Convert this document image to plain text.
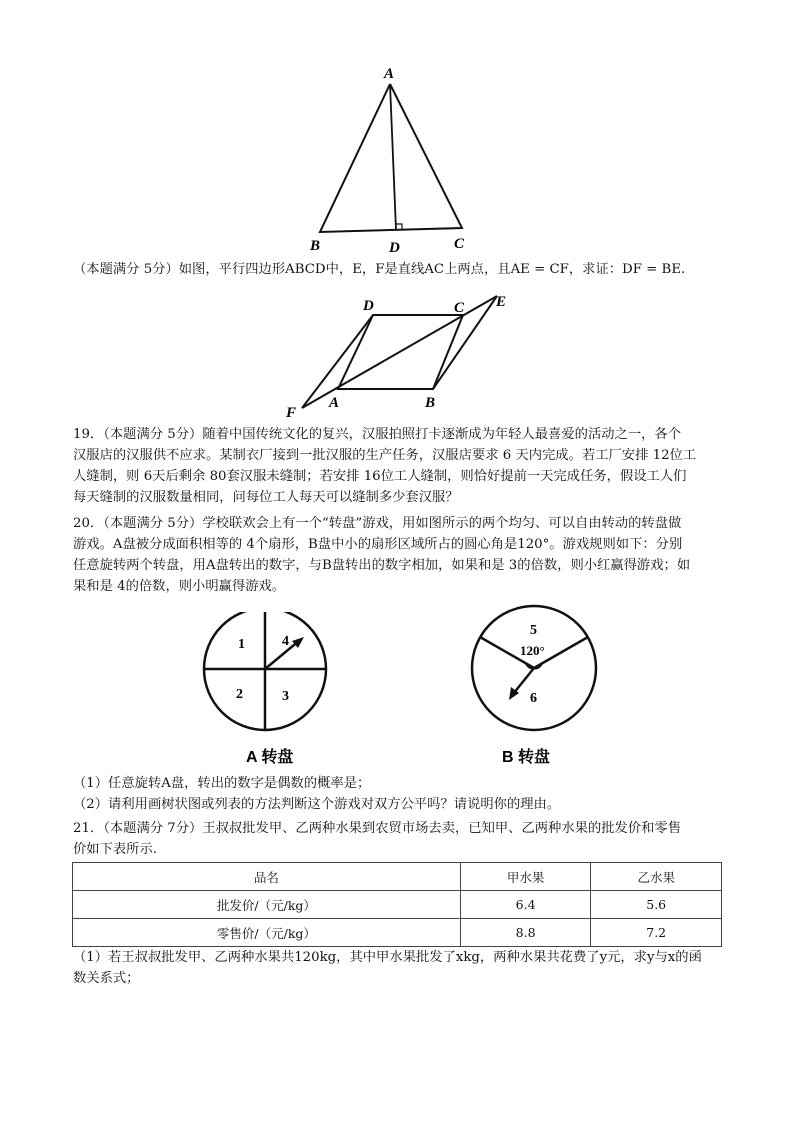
A
B	D	C

（本题满分 5分）如图，平行四边形ABCD中，E，F是直线AC上两点，且AE = CF，求证：DF = BE.

D	C E
A	B
F
19．（本题满分 5分）随着中国传统文化的复兴，汉服拍照打卡逐渐成为年轻人最喜爱的活动之一，各个
汉服店的汉服供不应求。某制衣厂接到一批汉服的生产任务，汉服店要求 6 天内完成。若工厂安排 12位工
人缝制，则 6天后剩余 80套汉服未缝制；若安排 16位工人缝制，则恰好提前一天完成任务，假设工人们
每天缝制的汉服数量相同，问每位工人每天可以缝制多少套汉服？
20．（本题满分 5分）学校联欢会上有一个“转盘”游戏，用如图所示的两个均匀、可以自由转动的转盘做
游戏。A盘被分成面积相等的 4个扇形，B盘中小的扇形区域所占的圆心角是120°。游戏规则如下：分别
任意旋转两个转盘，用A盘转出的数字，与B盘转出的数字相加，如果和是 3的倍数，则小红赢得游戏；如
果和是 4的倍数，则小明赢得游戏。
1	4
2	3
A 转盘
5
120°
6
B 转盘
（1）任意旋转A盘，转出的数字是偶数的概率是；
（2）请利用画树状图或列表的方法判断这个游戏对双方公平吗？请说明你的理由。
21．（本题满分 7分）王叔叔批发甲、乙两种水果到农贸市场去卖，已知甲、乙两种水果的批发价和零售
价如下表所示.
品名	甲水果	乙水果
批发价/（元/kg）	6.4	5.6
零售价/（元/kg）	8.8	7.2
（1）若王叔叔批发甲、乙两种水果共120kg，其中甲水果批发了xkg，两种水果共花费了y元，求y与x的函
数关系式；
